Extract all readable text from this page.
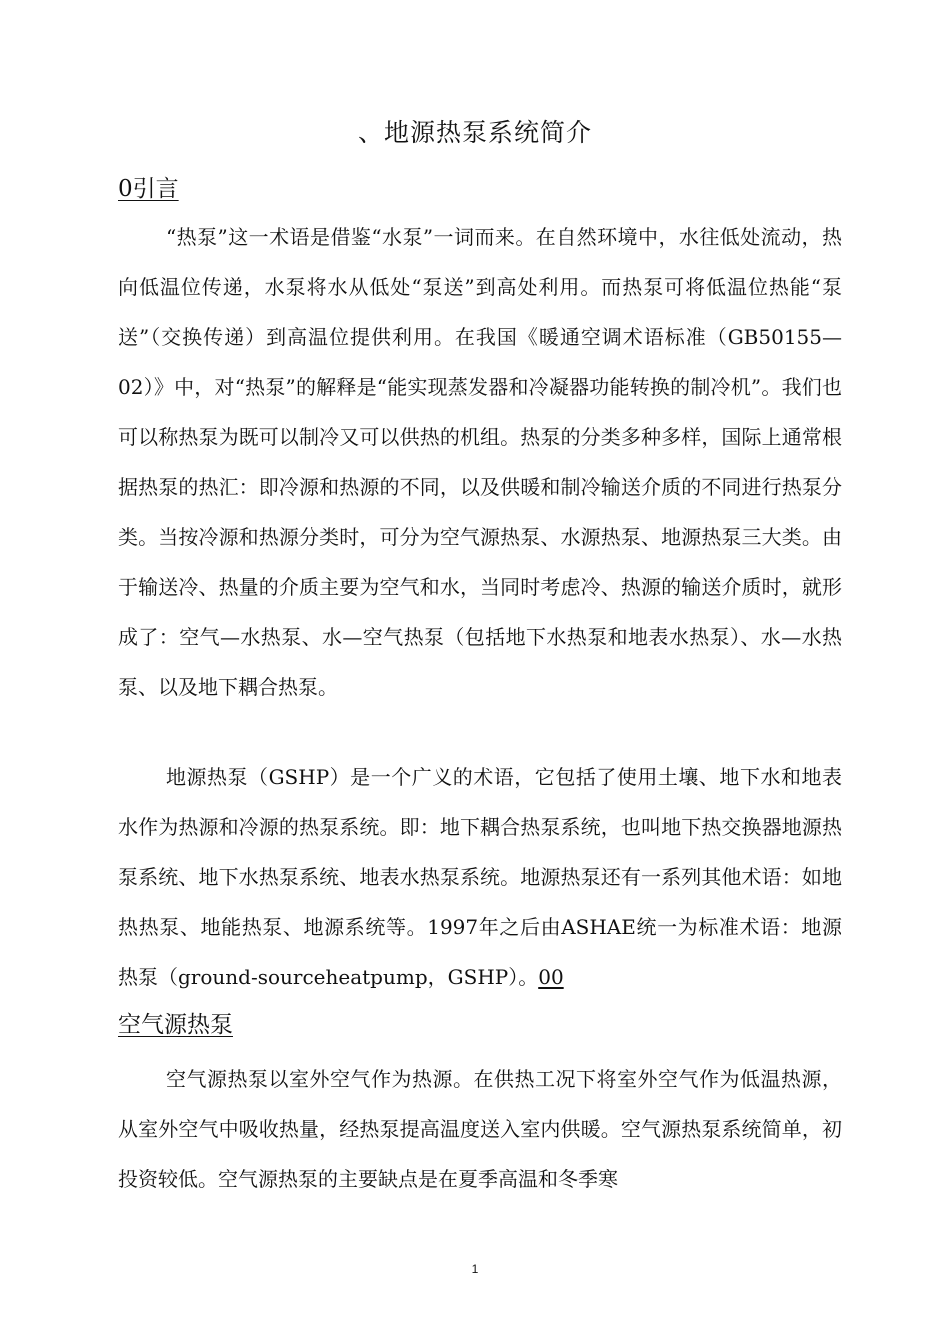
、地源热泵系统简介
0引言

“热泵”这一术语是借鉴“水泵”一词而来。在自然环境中，水往低处流动，热向低温位传递，水泵将水从低处“泵送”到高处利用。而热泵可将低温位热能“泵送”（交换传递）到高温位提供利用。在我国《暖通空调术语标准（GB50155—02）》中，对“热泵”的解释是“能实现蒸发器和冷凝器功能转换的制冷机”。我们也可以称热泵为既可以制冷又可以供热的机组。热泵的分类多种多样，国际上通常根据热泵的热汇：即冷源和热源的不同，以及供暖和制冷输送介质的不同进行热泵分类。当按冷源和热源分类时，可分为空气源热泵、水源热泵、地源热泵三大类。由于输送冷、热量的介质主要为空气和水，当同时考虑冷、热源的输送介质时，就形成了：空气—水热泵、水—空气热泵（包括地下水热泵和地表水热泵）、水—水热泵、以及地下耦合热泵。

地源热泵（GSHP）是一个广义的术语，它包括了使用土壤、地下水和地表水作为热源和冷源的热泵系统。即：地下耦合热泵系统，也叫地下热交换器地源热泵系统、地下水热泵系统、地表水热泵系统。地源热泵还有一系列其他术语：如地热热泵、地能热泵、地源系统等。1997年之后由ASHAE统一为标准术语：地源热泵（ground-sourceheatpump，GSHP）。00

空气源热泵

空气源热泵以室外空气作为热源。在供热工况下将室外空气作为低温热源，从室外空气中吸收热量，经热泵提高温度送入室内供暖。空气源热泵系统简单，初投资较低。空气源热泵的主要缺点是在夏季高温和冬季寒

1
